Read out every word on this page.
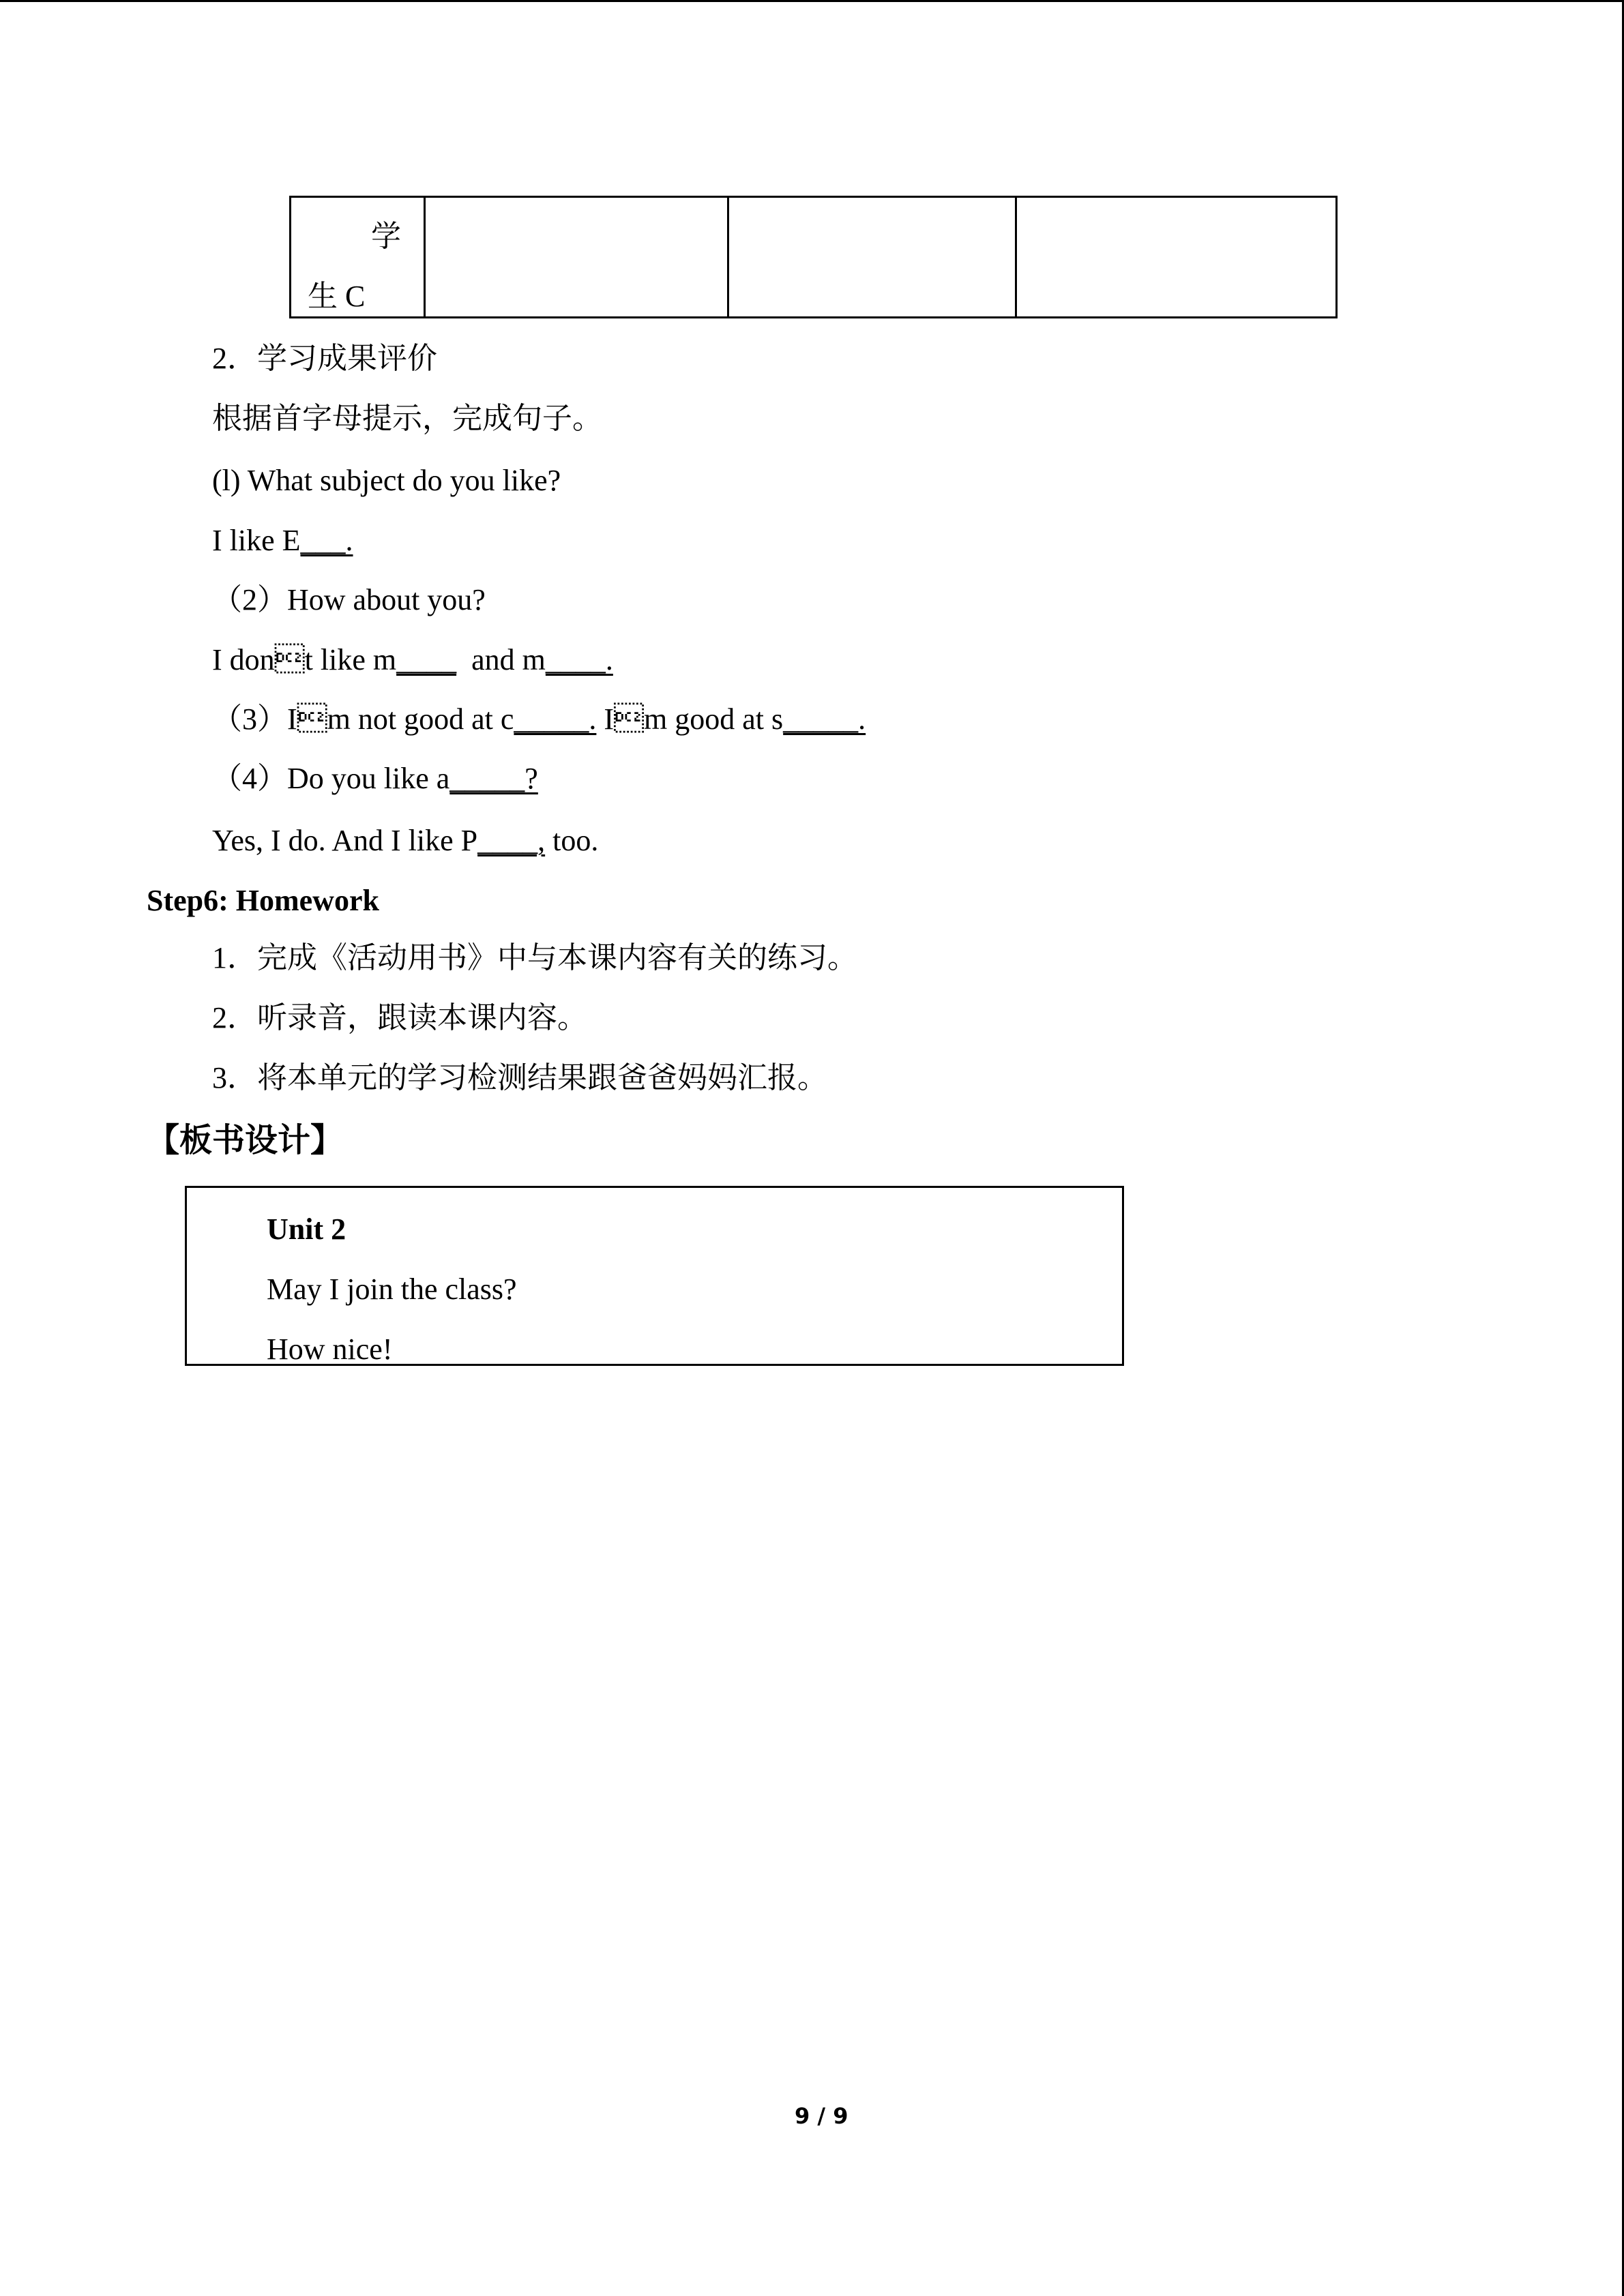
学
生 C

2．学习成果评价
根据首字母提示，完成句子。
(l) What subject do you like?
I like E___.
（2）How about you?
I dont like m____  and m____.
（3）Im not good at c_____. Im good at s_____.
（4）Do you like a_____?
Yes, I do. And I like P____, too.
Step6: Homework
1．完成《活动用书》中与本课内容有关的练习。
2．听录音，跟读本课内容。
3．将本单元的学习检测结果跟爸爸妈妈汇报。
【板书设计】
Unit 2
May I join the class?
How nice!
9 / 9
